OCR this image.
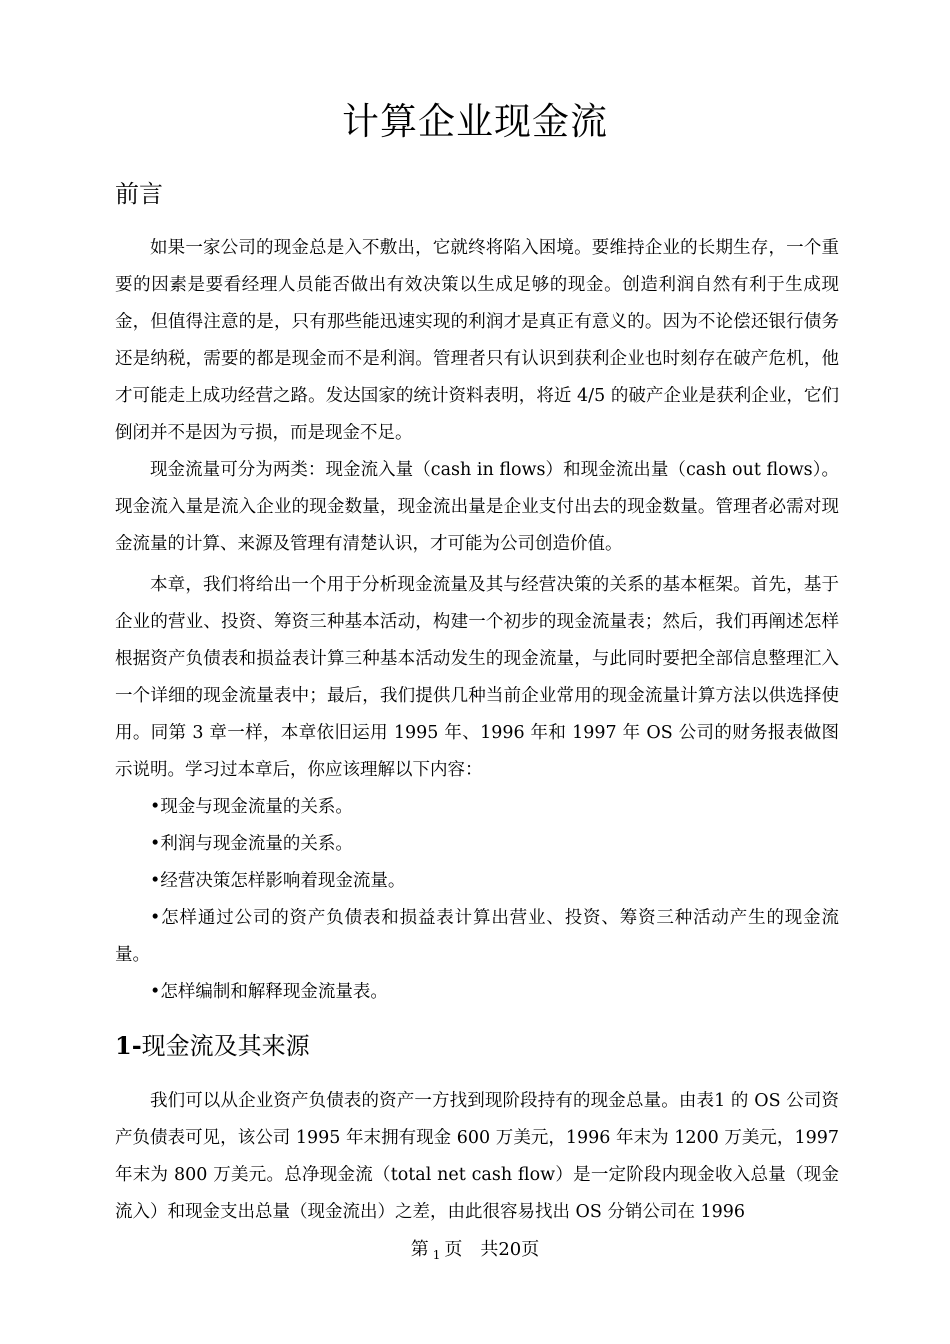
计算企业现金流
前言

如果一家公司的现金总是入不敷出，它就终将陷入困境。要维持企业的长期生存，一个重要的因素是要看经理人员能否做出有效决策以生成足够的现金。创造利润自然有利于生成现金，但值得注意的是，只有那些能迅速实现的利润才是真正有意义的。因为不论偿还银行债务还是纳税，需要的都是现金而不是利润。管理者只有认识到获利企业也时刻存在破产危机，他才可能走上成功经营之路。发达国家的统计资料表明，将近 4/5 的破产企业是获利企业，它们倒闭并不是因为亏损，而是现金不足。

现金流量可分为两类：现金流入量（cash in flows）和现金流出量（cash out flows）。现金流入量是流入企业的现金数量，现金流出量是企业支付出去的现金数量。管理者必需对现金流量的计算、来源及管理有清楚认识，才可能为公司创造价值。

本章，我们将给出一个用于分析现金流量及其与经营决策的关系的基本框架。首先，基于企业的营业、投资、筹资三种基本活动，构建一个初步的现金流量表；然后，我们再阐述怎样根据资产负债表和损益表计算三种基本活动发生的现金流量，与此同时要把全部信息整理汇入一个详细的现金流量表中；最后，我们提供几种当前企业常用的现金流量计算方法以供选择使用。同第 3 章一样，本章依旧运用 1995 年、1996 年和 1997 年 OS 公司的财务报表做图示说明。学习过本章后，你应该理解以下内容：

•现金与现金流量的关系。
•利润与现金流量的关系。
•经营决策怎样影响着现金流量。
•怎样通过公司的资产负债表和损益表计算出营业、投资、筹资三种活动产生的现金流量。
•怎样编制和解释现金流量表。
1-现金流及其来源

我们可以从企业资产负债表的资产一方找到现阶段持有的现金总量。由表1 的 OS 公司资产负债表可见，该公司 1995 年末拥有现金 600 万美元，1996 年末为 1200 万美元，1997 年末为 800 万美元。总净现金流（total net cash flow）是一定阶段内现金收入总量（现金流入）和现金支出总量（现金流出）之差，由此很容易找出 OS 分销公司在 1996

第 $_1$ 页　共20页
